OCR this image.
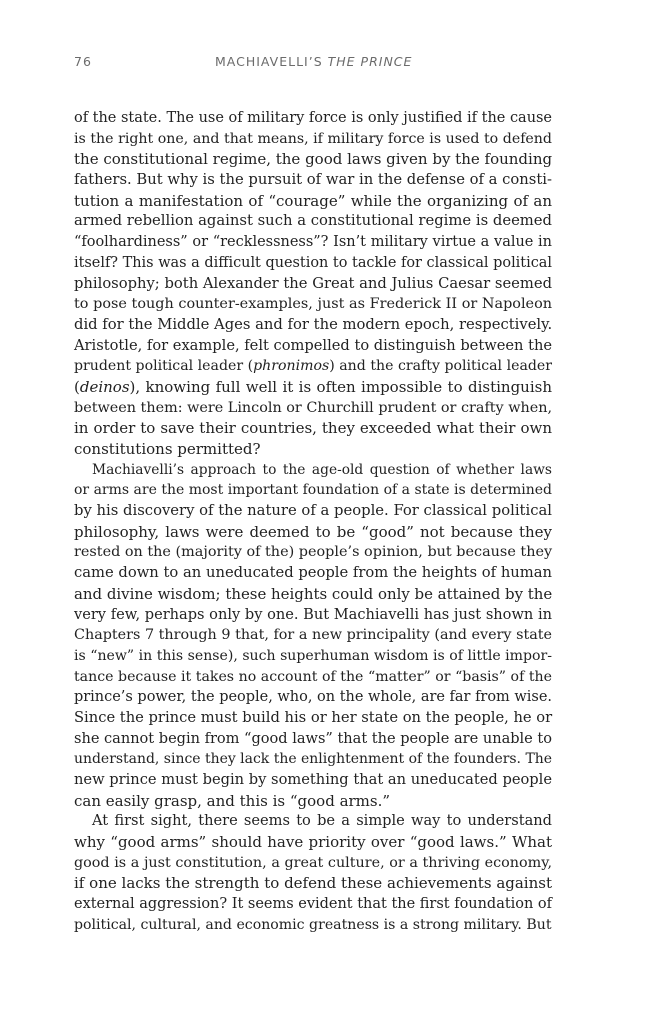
76	MACHIAVELLI’S THE PRINCE

of the state. The use of military force is only justified if the cause
is the right one, and that means, if military force is used to defend
the constitutional regime, the good laws given by the founding
fathers. But why is the pursuit of war in the defense of a consti-
tution a manifestation of “courage” while the organizing of an
armed rebellion against such a constitutional regime is deemed
“foolhardiness” or “recklessness”? Isn’t military virtue a value in
itself? This was a difficult question to tackle for classical political
philosophy; both Alexander the Great and Julius Caesar seemed
to pose tough counter-examples, just as Frederick II or Napoleon
did for the Middle Ages and for the modern epoch, respectively.
Aristotle, for example, felt compelled to distinguish between the
prudent political leader (phronimos) and the crafty political leader
(deinos), knowing full well it is often impossible to distinguish
between them: were Lincoln or Churchill prudent or crafty when,
in order to save their countries, they exceeded what their own
constitutions permitted?

Machiavelli’s approach to the age-old question of whether laws
or arms are the most important foundation of a state is determined
by his discovery of the nature of a people. For classical political
philosophy, laws were deemed to be “good” not because they
rested on the (majority of the) people’s opinion, but because they
came down to an uneducated people from the heights of human
and divine wisdom; these heights could only be attained by the
very few, perhaps only by one. But Machiavelli has just shown in
Chapters 7 through 9 that, for a new principality (and every state
is “new” in this sense), such superhuman wisdom is of little impor-
tance because it takes no account of the “matter” or “basis” of the
prince’s power, the people, who, on the whole, are far from wise.
Since the prince must build his or her state on the people, he or
she cannot begin from “good laws” that the people are unable to
understand, since they lack the enlightenment of the founders. The
new prince must begin by something that an uneducated people
can easily grasp, and this is “good arms.”

At first sight, there seems to be a simple way to understand
why “good arms” should have priority over “good laws.” What
good is a just constitution, a great culture, or a thriving economy,
if one lacks the strength to defend these achievements against
external aggression? It seems evident that the first foundation of
political, cultural, and economic greatness is a strong military. But
